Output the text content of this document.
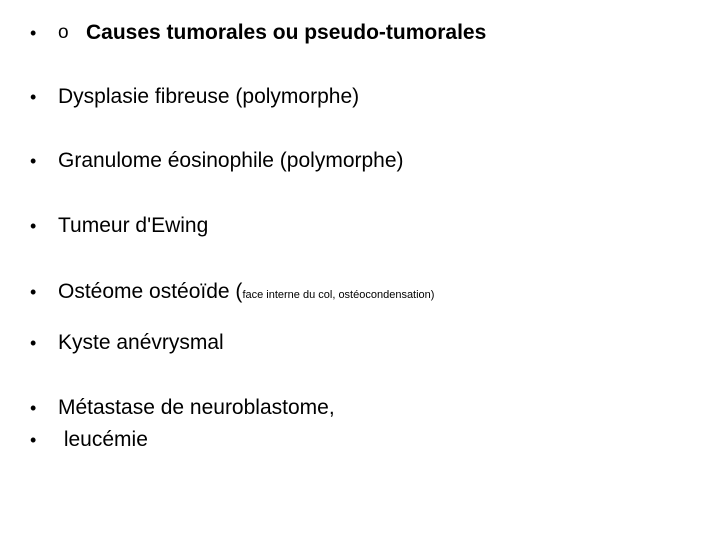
•	o Causes tumorales ou pseudo-tumorales
•	Dysplasie fibreuse (polymorphe)
•	Granulome éosinophile (polymorphe)
•	Tumeur d'Ewing
•	Ostéome ostéoïde ( face interne du col, ostéocondensation)
•	Kyste anévrysmal
•	Métastase de neuroblastome,
•	leucémie
